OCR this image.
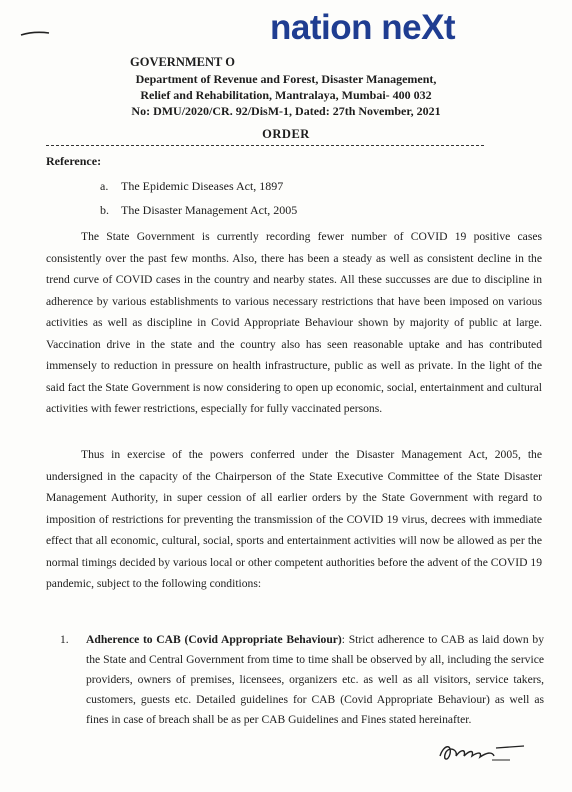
nation neXt
GOVERNMENT O
Department of Revenue and Forest, Disaster Management,
Relief and Rehabilitation, Mantralaya, Mumbai- 400 032
No: DMU/2020/CR. 92/DisM-1, Dated: 27th November, 2021
ORDER
Reference:
a. The Epidemic Diseases Act, 1897
b. The Disaster Management Act, 2005

The State Government is currently recording fewer number of COVID 19 positive cases consistently over the past few months. Also, there has been a steady as well as consistent decline in the trend curve of COVID cases in the country and nearby states. All these succusses are due to discipline in adherence by various establishments to various necessary restrictions that have been imposed on various activities as well as discipline in Covid Appropriate Behaviour shown by majority of public at large. Vaccination drive in the state and the country also has seen reasonable uptake and has contributed immensely to reduction in pressure on health infrastructure, public as well as private. In the light of the said fact the State Government is now considering to open up economic, social, entertainment and cultural activities with fewer restrictions, especially for fully vaccinated persons.

Thus in exercise of the powers conferred under the Disaster Management Act, 2005, the undersigned in the capacity of the Chairperson of the State Executive Committee of the State Disaster Management Authority, in super cession of all earlier orders by the State Government with regard to imposition of restrictions for preventing the transmission of the COVID 19 virus, decrees with immediate effect that all economic, cultural, social, sports and entertainment activities will now be allowed as per the normal timings decided by various local or other competent authorities before the advent of the COVID 19 pandemic, subject to the following conditions:

1. Adherence to CAB (Covid Appropriate Behaviour): Strict adherence to CAB as laid down by the State and Central Government from time to time shall be observed by all, including the service providers, owners of premises, licensees, organizers etc. as well as all visitors, service takers, customers, guests etc. Detailed guidelines for CAB (Covid Appropriate Behaviour) as well as fines in case of breach shall be as per CAB Guidelines and Fines stated hereinafter.
